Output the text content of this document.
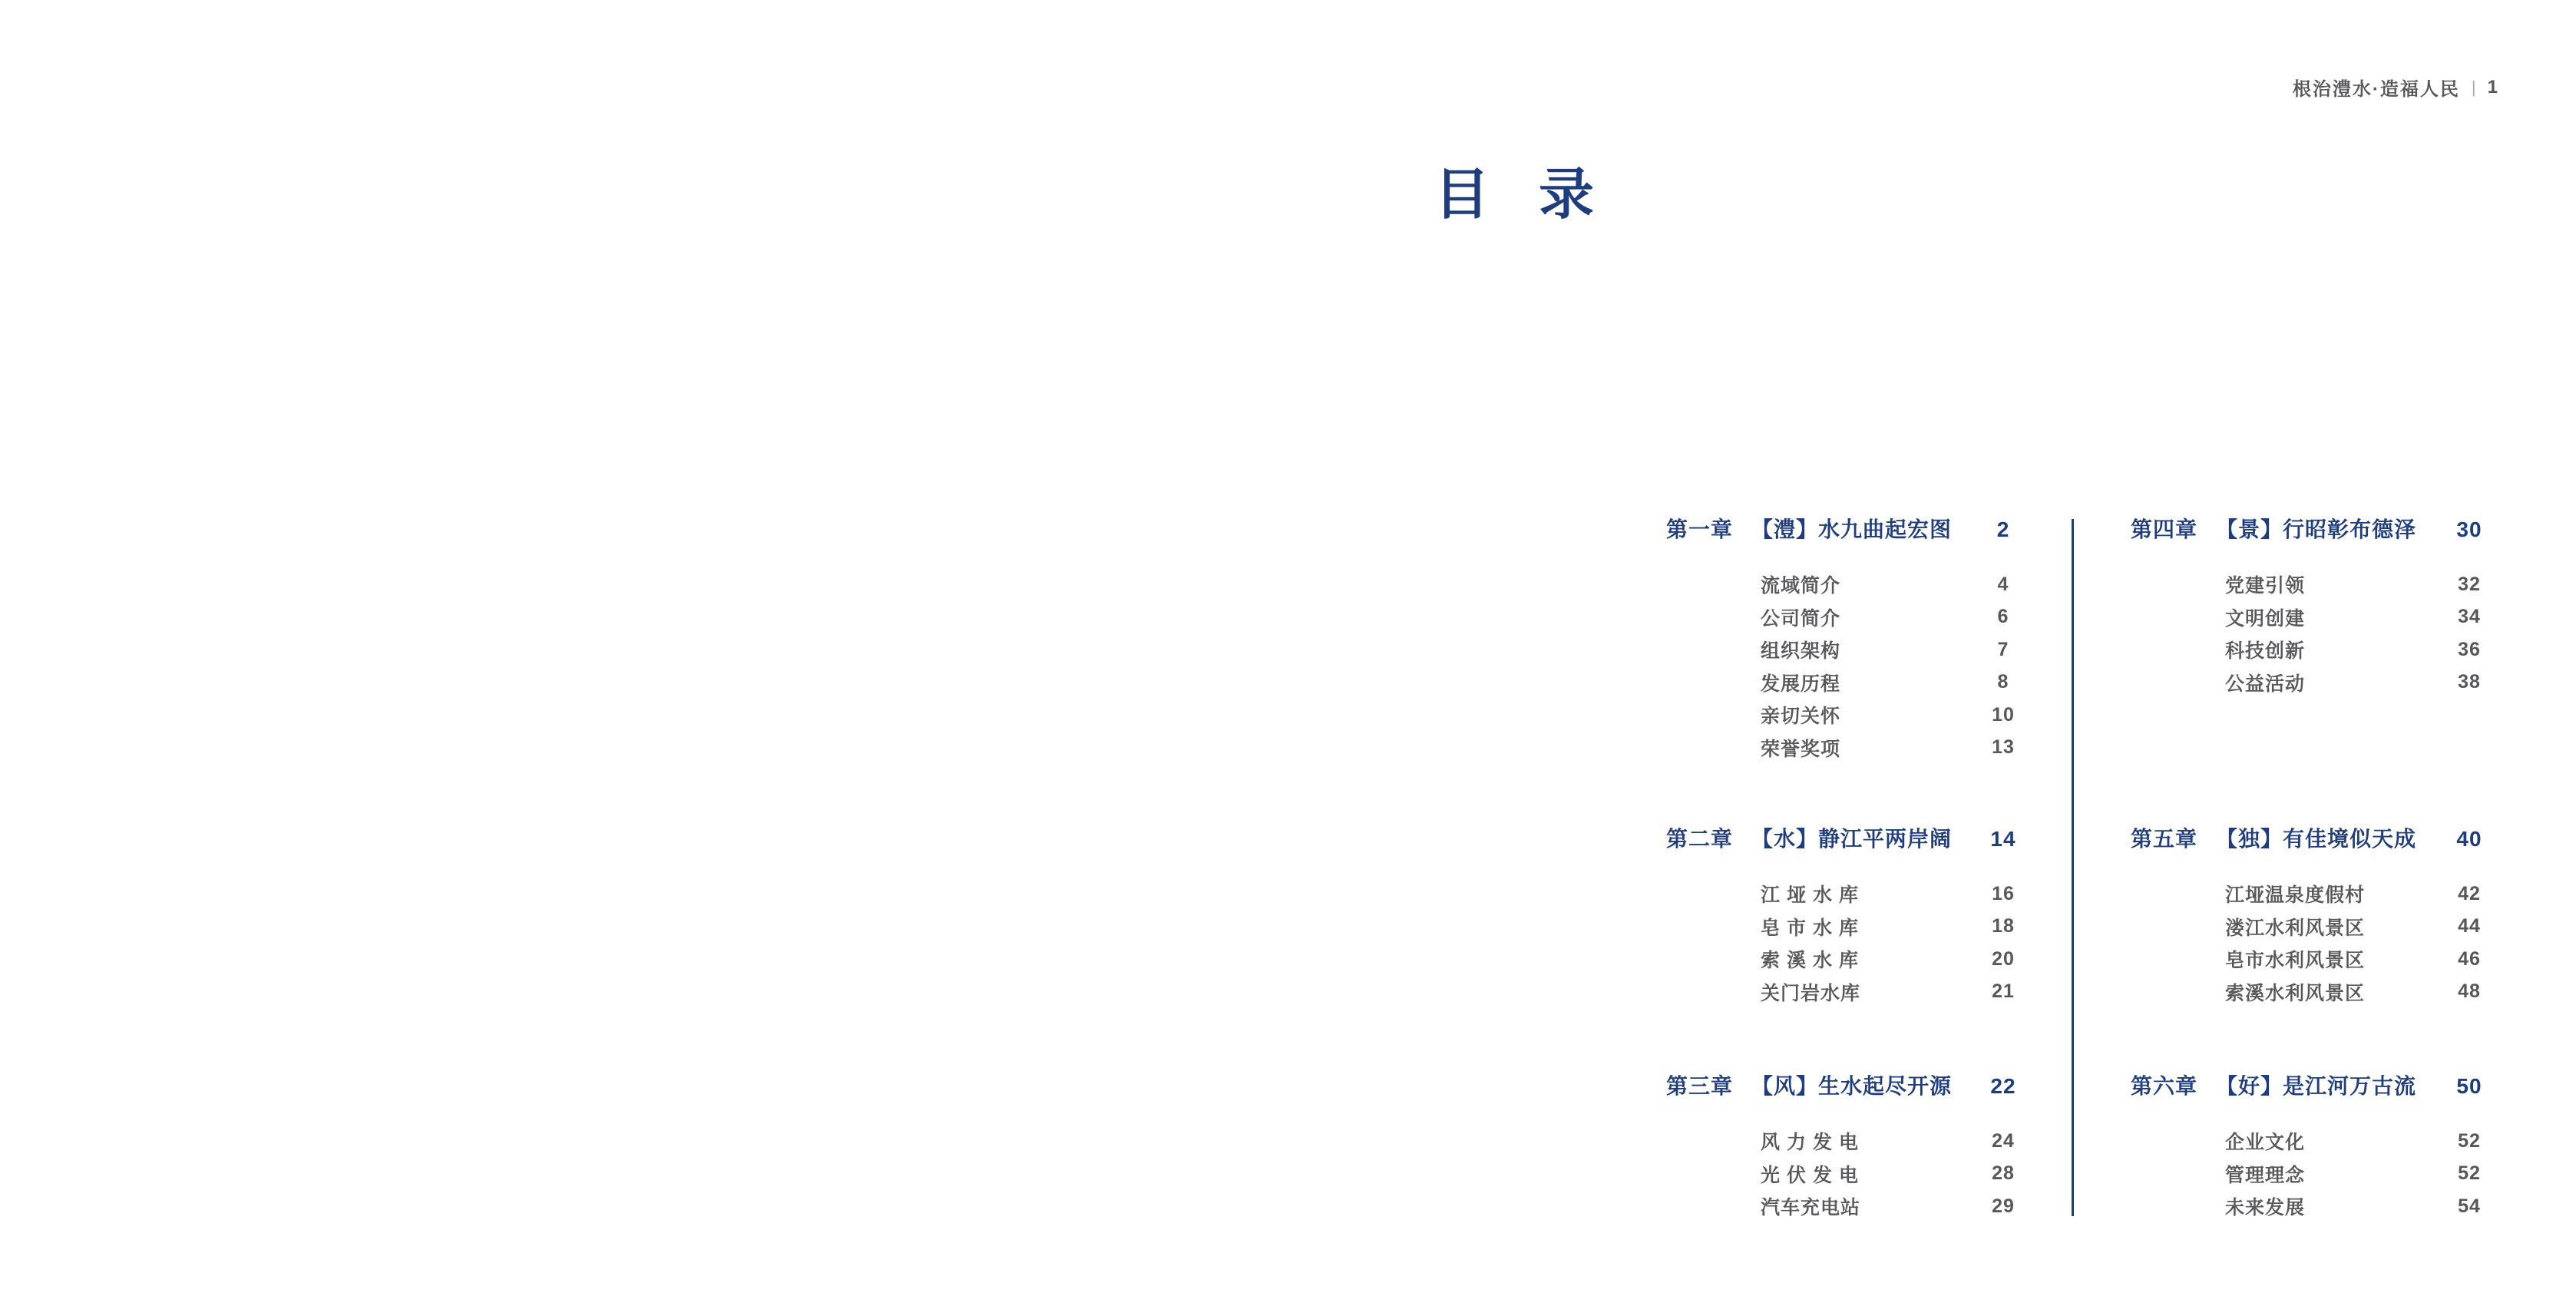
根治澧水·造福人民 | 1
目 录
第一章 【澧】水九曲起宏图	2
流域简介	4
公司简介	6
组织架构	7
发展历程	8
亲切关怀	10
荣誉奖项	13
第二章 【水】静江平两岸阔 14
江垭水库	16
皂市水库	18
索溪水库	20
关门岩水库	21
第三章 【风】生水起尽开源 22
风力发电	24
光伏发电	28
汽车充电站	29
第四章 【景】行昭彰布德泽 30
党建引领	32
文明创建	34
科技创新	36
公益活动	38
第五章 【独】有佳境似天成 40
江垭温泉度假村	42
溇江水利风景区	44
皂市水利风景区	46
索溪水利风景区	48
第六章 【好】是江河万古流 50
企业文化	52
管理理念	52
未来发展	54
